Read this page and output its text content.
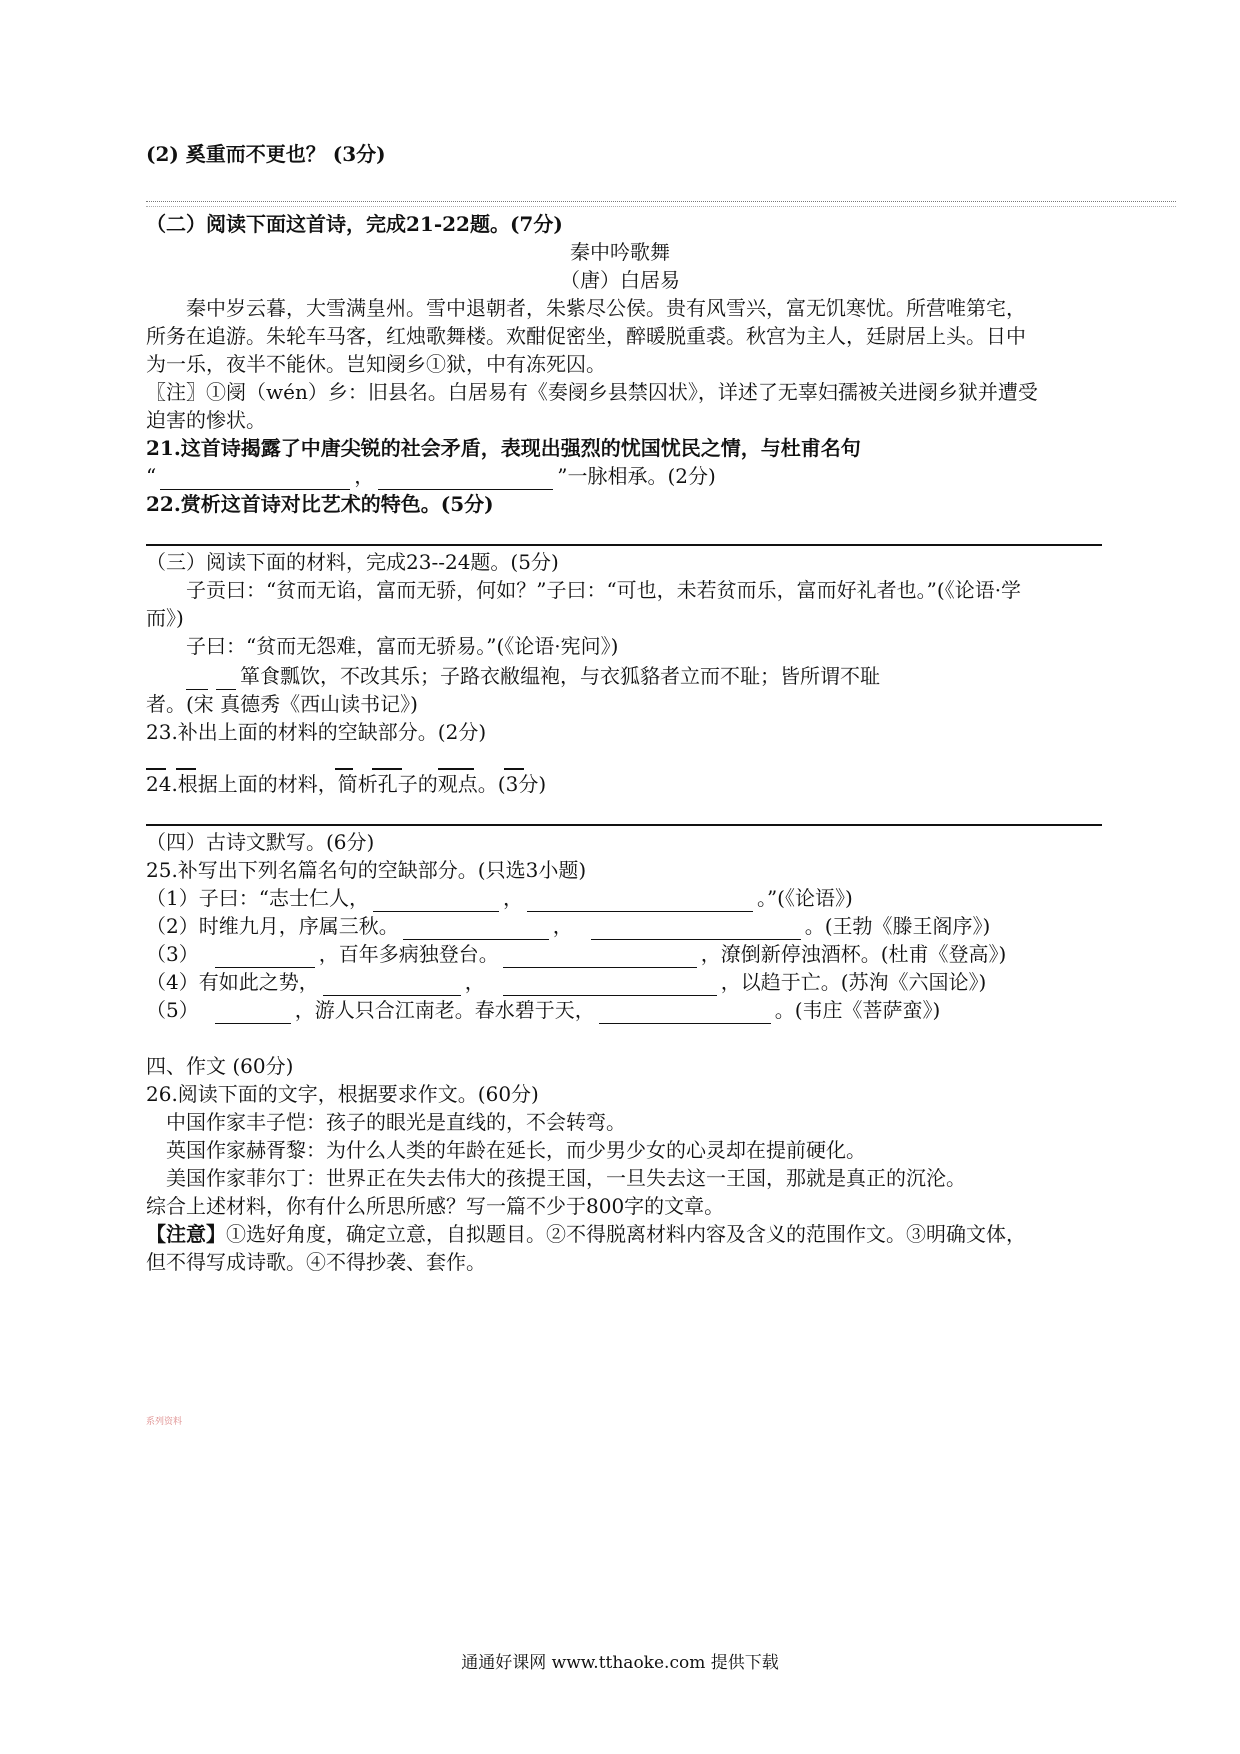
(2) 奚重而不更也？ (3分)
（二）阅读下面这首诗，完成21-22题。(7分)
秦中吟歌舞
（唐）白居易
秦中岁云暮，大雪满皇州。雪中退朝者，朱紫尽公侯。贵有风雪兴，富无饥寒忧。所营唯第宅，
所务在追游。朱轮车马客，红烛歌舞楼。欢酣促密坐，醉暖脱重裘。秋宫为主人，廷尉居上头。日中
为一乐，夜半不能休。岂知阌乡①狱，中有冻死囚。
〖注〗①阌（wén）乡：旧县名。白居易有《奏阌乡县禁囚状》，详述了无辜妇孺被关进阌乡狱并遭受
迫害的惨状。
21.这首诗揭露了中唐尖锐的社会矛盾，表现出强烈的忧国忧民之情，与杜甫名句
“	，	”一脉相承。(2分)
22.赏析这首诗对比艺术的特色。(5分)
（三）阅读下面的材料，完成23--24题。(5分)
子贡曰：“贫而无谄，富而无骄，何如？”子曰：“可也，未若贫而乐，富而好礼者也。”(《论语·学
而》)
子曰：“贫而无怨难，富而无骄易。”(《论语·宪问》)
箪食瓢饮，不改其乐；子路衣敝缊袍，与衣狐貉者立而不耻；皆所谓不耻
者。(宋 真德秀《西山读书记》)
23.补出上面的材料的空缺部分。(2分)
24.根据上面的材料，简析孔子的观点。(3分)
（四）古诗文默写。(6分)
25.补写出下列名篇名句的空缺部分。(只选3小题)
（1）子曰：“志士仁人，	，	。”(《论语》)
（2）时维九月，序属三秋。	，	。(王勃《滕王阁序》)
（3）	，百年多病独登台。	，潦倒新停浊酒杯。(杜甫《登高》)
（4）有如此之势，	，	，以趋于亡。(苏洵《六国论》)
（5）	，游人只合江南老。春水碧于天，	。(韦庄《菩萨蛮》)
四、作文 (60分)
26.阅读下面的文字，根据要求作文。(60分)
中国作家丰子恺：孩子的眼光是直线的，不会转弯。
英国作家赫胥黎：为什么人类的年龄在延长，而少男少女的心灵却在提前硬化。
美国作家菲尔丁：世界正在失去伟大的孩提王国，一旦失去这一王国，那就是真正的沉沦。
综合上述材料，你有什么所思所感？写一篇不少于800字的文章。
【注意】①选好角度，确定立意，自拟题目。②不得脱离材料内容及含义的范围作文。③明确文体，
但不得写成诗歌。④不得抄袭、套作。
系列资料
通通好课网 www.tthaoke.com 提供下载
